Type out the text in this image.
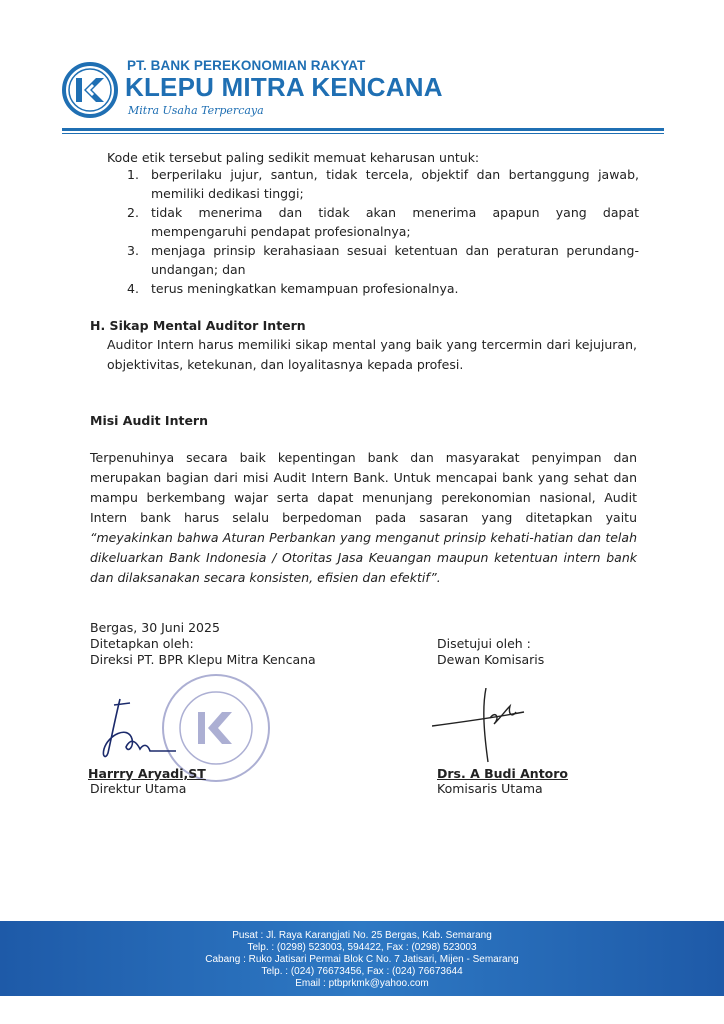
PT. BANK PEREKONOMIAN RAKYAT
KLEPU MITRA KENCANA
Mitra Usaha Terpercaya
Kode etik tersebut paling sedikit memuat keharusan untuk:
1. berperilaku jujur, santun, tidak tercela, objektif dan bertanggung jawab, memiliki dedikasi tinggi;
2. tidak menerima dan tidak akan menerima apapun yang dapat mempengaruhi pendapat profesionalnya;
3. menjaga prinsip kerahasiaan sesuai ketentuan dan peraturan perundang-undangan; dan
4. terus meningkatkan kemampuan profesionalnya.
H. Sikap Mental Auditor Intern
Auditor Intern harus memiliki sikap mental yang baik yang tercermin dari kejujuran, objektivitas, ketekunan, dan loyalitasnya kepada profesi.
Misi Audit Intern
Terpenuhinya secara baik kepentingan bank dan masyarakat penyimpan dan merupakan bagian dari misi Audit Intern Bank. Untuk mencapai bank yang sehat dan mampu berkembang wajar serta dapat menunjang perekonomian nasional, Audit Intern bank harus selalu berpedoman pada sasaran yang ditetapkan yaitu “meyakinkan bahwa Aturan Perbankan yang menganut prinsip kehati-hatian dan telah dikeluarkan Bank Indonesia / Otoritas Jasa Keuangan maupun ketentuan intern bank dan dilaksanakan secara konsisten, efisien dan efektif”.
Bergas, 30 Juni 2025
Ditetapkan oleh:
Direksi PT. BPR Klepu Mitra Kencana
Disetujui oleh :
Dewan Komisaris
Harrry Aryadi,ST
Direktur Utama
Drs. A Budi Antoro
Komisaris Utama
Pusat : Jl. Raya Karangjati No. 25 Bergas, Kab. Semarang
Telp. : (0298) 523003, 594422, Fax : (0298) 523003
Cabang : Ruko Jatisari Permai Blok C No. 7 Jatisari, Mijen - Semarang
Telp. : (024) 76673456, Fax : (024) 76673644
Email : ptbprkmk@yahoo.com
